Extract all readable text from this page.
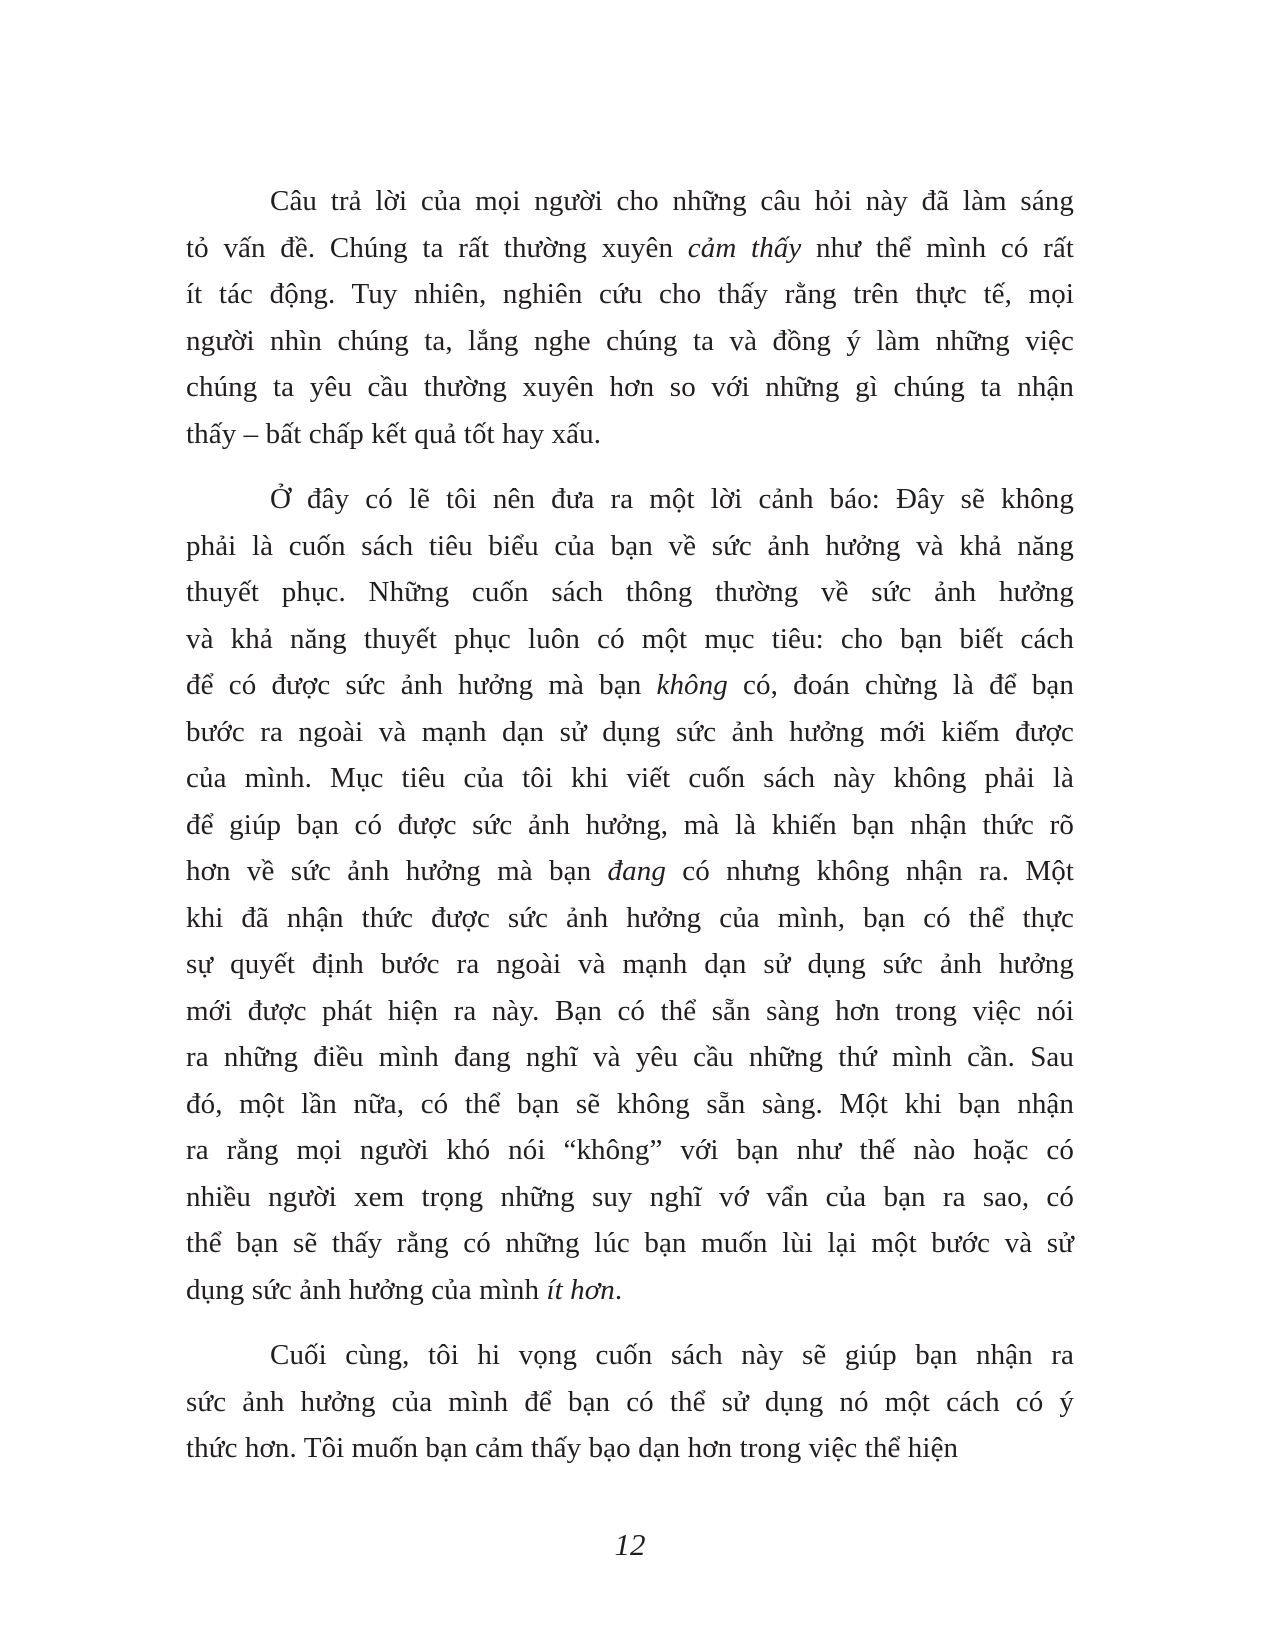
Câu trả lời của mọi người cho những câu hỏi này đã làm sáng
tỏ vấn đề. Chúng ta rất thường xuyên cảm thấy như thể mình có rất
ít tác động. Tuy nhiên, nghiên cứu cho thấy rằng trên thực tế, mọi
người nhìn chúng ta, lắng nghe chúng ta và đồng ý làm những việc
chúng ta yêu cầu thường xuyên hơn so với những gì chúng ta nhận
thấy – bất chấp kết quả tốt hay xấu.
Ở đây có lẽ tôi nên đưa ra một lời cảnh báo: Đây sẽ không
phải là cuốn sách tiêu biểu của bạn về sức ảnh hưởng và khả năng
thuyết phục. Những cuốn sách thông thường về sức ảnh hưởng
và khả năng thuyết phục luôn có một mục tiêu: cho bạn biết cách
để có được sức ảnh hưởng mà bạn không có, đoán chừng là để bạn
bước ra ngoài và mạnh dạn sử dụng sức ảnh hưởng mới kiếm được
của mình. Mục tiêu của tôi khi viết cuốn sách này không phải là
để giúp bạn có được sức ảnh hưởng, mà là khiến bạn nhận thức rõ
hơn về sức ảnh hưởng mà bạn đang có nhưng không nhận ra. Một
khi đã nhận thức được sức ảnh hưởng của mình, bạn có thể thực
sự quyết định bước ra ngoài và mạnh dạn sử dụng sức ảnh hưởng
mới được phát hiện ra này. Bạn có thể sẵn sàng hơn trong việc nói
ra những điều mình đang nghĩ và yêu cầu những thứ mình cần. Sau
đó, một lần nữa, có thể bạn sẽ không sẵn sàng. Một khi bạn nhận
ra rằng mọi người khó nói “không” với bạn như thế nào hoặc có
nhiều người xem trọng những suy nghĩ vớ vẩn của bạn ra sao, có
thể bạn sẽ thấy rằng có những lúc bạn muốn lùi lại một bước và sử
dụng sức ảnh hưởng của mình ít hơn.
Cuối cùng, tôi hi vọng cuốn sách này sẽ giúp bạn nhận ra
sức ảnh hưởng của mình để bạn có thể sử dụng nó một cách có ý
thức hơn. Tôi muốn bạn cảm thấy bạo dạn hơn trong việc thể hiện
12
